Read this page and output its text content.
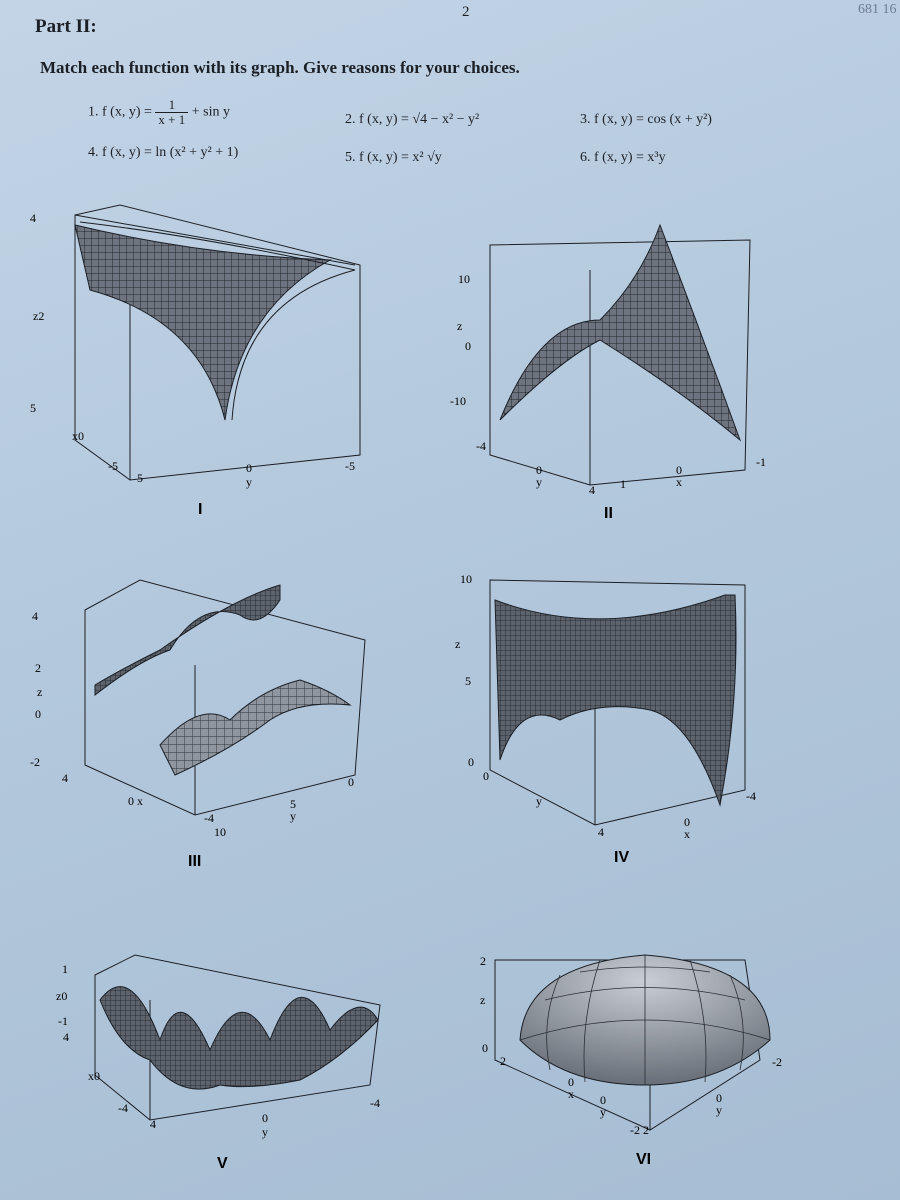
2	681 16
Part II:
Match each function with its graph. Give reasons for your choices.
1. f (x, $y) = \frac{1}{x + 1} + \sin y$	2. f (x, y) = √4 − x² − y²	3. f (x, y) = cos (x + y²)
4. f (x, y) = ln (x² + y² + 1)	5. f (x, y) = x² √y	6. f (x, y) = x³y
4
z2
5
x0
-5
5
0
y
-5
I
10
z
0
-10
-4
0
y
4 1
0
x
-1
II
4
2
z
0
-2
4
0 x
-4
10
5
y
0
III
10
z
5
0
0
y
4
0
x
-4
IV
1
z0
-1
4
x0
-4
4	0
y
-4
V
2
z
0
2
0
x 0
y
-2 2
0
y
-2
VI
